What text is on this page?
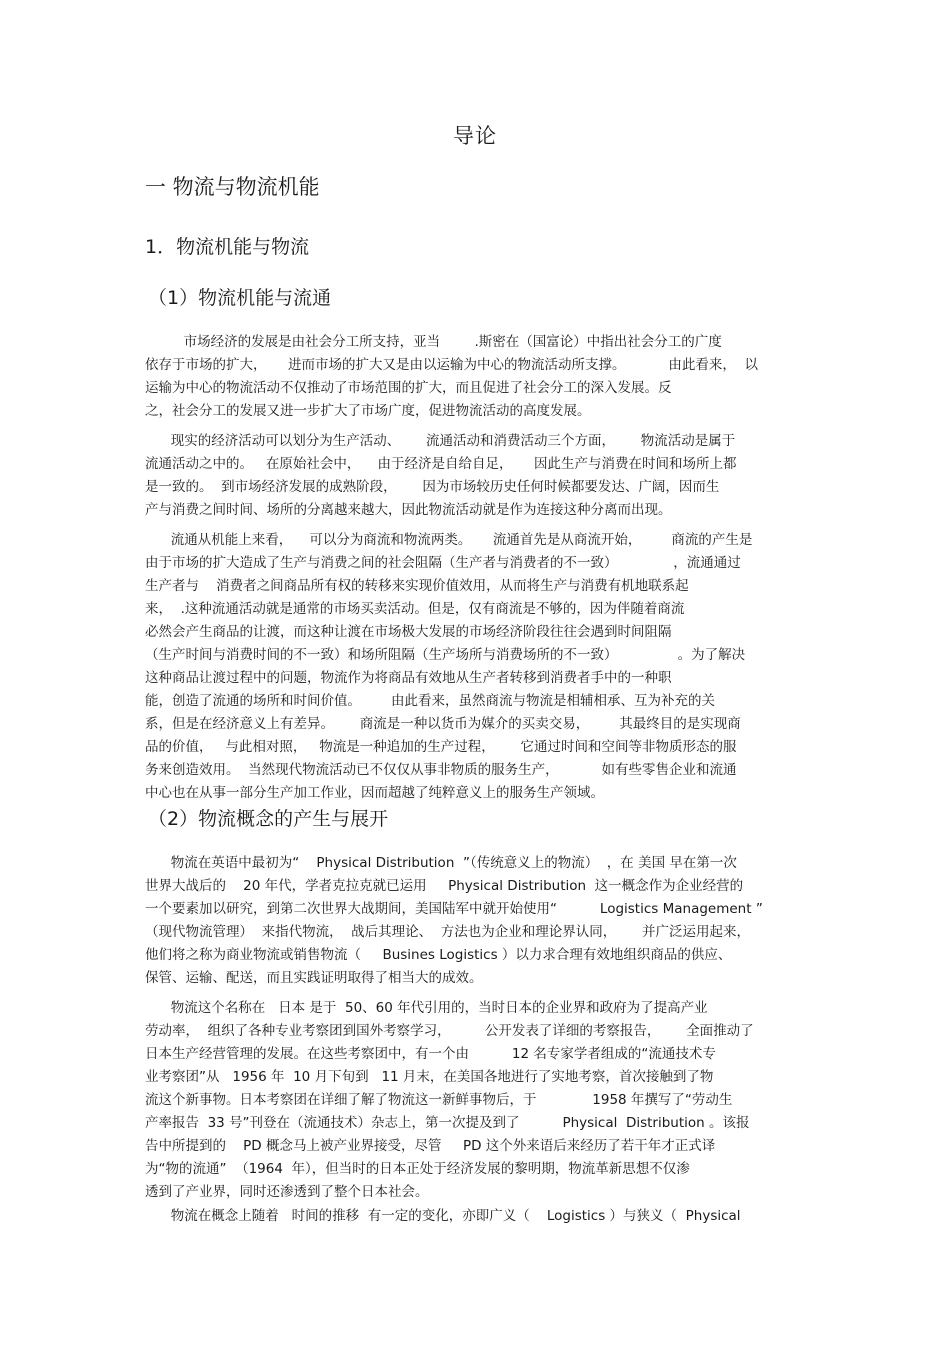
导论
一 物流与物流机能
1．物流机能与物流
（1）物流机能与流通
市场经济的发展是由社会分工所支持，亚当        .斯密在（国富论）中指出社会分工的广度
依存于市场的扩大，     进而市场的扩大又是由以运输为中心的物流活动所支撑。          由此看来，  以
运输为中心的物流活动不仅推动了市场范围的扩大，而且促进了社会分工的深入发展。反
之，社会分工的发展又进一步扩大了市场广度，促进物流活动的高度发展。
现实的经济活动可以划分为生产活动、      流通活动和消费活动三个方面，      物流活动是属于
流通活动之中的。   在原始社会中，    由于经济是自给自足，     因此生产与消费在时间和场所上都
是一致的。  到市场经济发展的成熟阶段，      因为市场较历史任何时候都要发达、广阔，因而生
产与消费之间时间、场所的分离越来越大，因此物流活动就是作为连接这种分离而出现。
流通从机能上来看，    可以分为商流和物流两类。     流通首先是从商流开始，       商流的产生是
由于市场的扩大造成了生产与消费之间的社会阻隔（生产者与消费者的不一致）             ，流通通过
生产者与    消费者之间商品所有权的转移来实现价值效用，从而将生产与消费有机地联系起
来，  .这种流通活动就是通常的市场买卖活动。但是，仅有商流是不够的，因为伴随着商流
必然会产生商品的让渡，而这种让渡在市场极大发展的市场经济阶段往往会遇到时间阻隔
（生产时间与消费时间的不一致）和场所阻隔（生产场所与消费场所的不一致）              。为了解决
这种商品让渡过程中的问题，物流作为将商品有效地从生产者转移到消费者手中的一种职
能，创造了流通的场所和时间价值。       由此看来，虽然商流与物流是相辅相承、互为补充的关
系，但是在经济意义上有差异。      商流是一种以货币为媒介的买卖交易，       其最终目的是实现商
品的价值，   与此相对照，   物流是一种追加的生产过程，      它通过时间和空间等非物质形态的服
务来创造效用。  当然现代物流活动已不仅仅从事非物质的服务生产，          如有些零售企业和流通
中心也在从事一部分生产加工作业，因而超越了纯粹意义上的服务生产领域。
（2）物流概念的产生与展开
物流在英语中最初为“    Physical Distribution  ”（传统意义上的物流）  ，在 美国 早在第一次
世界大战后的    20 年代，学者克拉克就已运用     Physical Distribution  这一概念作为企业经营的
一个要素加以研究，到第二次世界大战期间，美国陆军中就开始使用“          Logistics Management ”
（现代物流管理）  来指代物流，  战后其理论、  方法也为企业和理论界认同，      并广泛运用起来，
他们将之称为商业物流或销售物流（     Busines Logistics ）以力求合理有效地组织商品的供应、
保管、运输、配送，而且实践证明取得了相当大的成效。
物流这个名称在   日本 是于  50、60 年代引用的，当时日本的企业界和政府为了提高产业
劳动率，  组织了各种专业考察团到国外考察学习，        公开发表了详细的考察报告，      全面推动了
日本生产经营管理的发展。在这些考察团中，有一个由          12 名专家学者组成的“流通技术专
业考察团”从   1956 年  10 月下旬到   11 月末，在美国各地进行了实地考察，首次接触到了物
流这个新事物。日本考察团在详细了解了物流这一新鲜事物后，于             1958 年撰写了“劳动生
产率报告  33 号”刊登在（流通技术）杂志上，第一次提及到了          Physical  Distribution 。该报
告中所提到的    PD 概念马上被产业界接受，尽管     PD 这个外来语后来经历了若干年才正式译
为“物的流通”  （1964  年），但当时的日本正处于经济发展的黎明期，物流革新思想不仅渗
透到了产业界，同时还渗透到了整个日本社会。
物流在概念上随着   时间的推移  有一定的变化，亦即广义（    Logistics ）与狭义（  Physical
